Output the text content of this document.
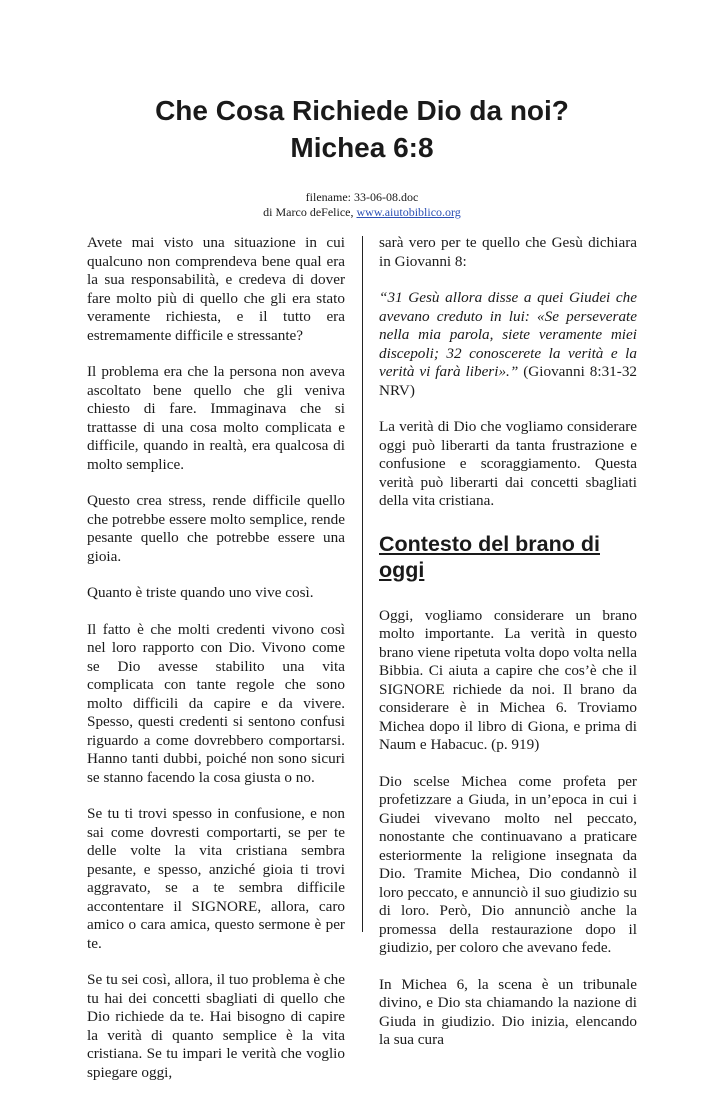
Che Cosa Richiede Dio da noi?
Michea 6:8
filename: 33-06-08.doc
di Marco deFelice, www.aiutobiblico.org

Avete mai visto una situazione in cui qualcuno non comprendeva bene qual era la sua responsabilità, e credeva di dover fare molto più di quello che gli era stato veramente richiesta, e il tutto era estremamente difficile e stressante?

Il problema era che la persona non aveva ascoltato bene quello che gli veniva chiesto di fare. Immaginava che si trattasse di una cosa molto complicata e difficile, quando in realtà, era qualcosa di molto semplice.

Questo crea stress, rende difficile quello che potrebbe essere molto semplice, rende pesante quello che potrebbe essere una gioia.

Quanto è triste quando uno vive così.

Il fatto è che molti credenti vivono così nel loro rapporto con Dio. Vivono come se Dio avesse stabilito una vita complicata con tante regole che sono molto difficili da capire e da vivere. Spesso, questi credenti si sentono confusi riguardo a come dovrebbero comportarsi. Hanno tanti dubbi, poiché non sono sicuri se stanno facendo la cosa giusta o no.

Se tu ti trovi spesso in confusione, e non sai come dovresti comportarti, se per te delle volte la vita cristiana sembra pesante, e spesso, anziché gioia ti trovi aggravato, se a te sembra difficile accontentare il SIGNORE, allora, caro amico o cara amica, questo sermone è per te.

Se tu sei così, allora, il tuo problema è che tu hai dei concetti sbagliati di quello che Dio richiede da te. Hai bisogno di capire la verità di quanto semplice è la vita cristiana. Se tu impari le verità che voglio spiegare oggi,

sarà vero per te quello che Gesù dichiara in Giovanni 8:

“31 Gesù allora disse a quei Giudei che avevano creduto in lui: «Se perseverate nella mia parola, siete veramente miei discepoli; 32 conoscerete la verità e la verità vi farà liberi».” (Giovanni 8:31-32 NRV)

La verità di Dio che vogliamo considerare oggi può liberarti da tanta frustrazione e confusione e scoraggiamento. Questa verità può liberarti dai concetti sbagliati della vita cristiana.

Contesto del brano di oggi

Oggi, vogliamo considerare un brano molto importante. La verità in questo brano viene ripetuta volta dopo volta nella Bibbia. Ci aiuta a capire che cos’è che il SIGNORE richiede da noi. Il brano da considerare è in Michea 6. Troviamo Michea dopo il libro di Giona, e prima di Naum e Habacuc. (p. 919)

Dio scelse Michea come profeta per profetizzare a Giuda, in un’epoca in cui i Giudei vivevano molto nel peccato, nonostante che continuavano a praticare esteriormente la religione insegnata da Dio. Tramite Michea, Dio condannò il loro peccato, e annunciò il suo giudizio su di loro. Però, Dio annunciò anche la promessa della restaurazione dopo il giudizio, per coloro che avevano fede.

In Michea 6, la scena è un tribunale divino, e Dio sta chiamando la nazione di Giuda in giudizio. Dio inizia, elencando la sua cura
